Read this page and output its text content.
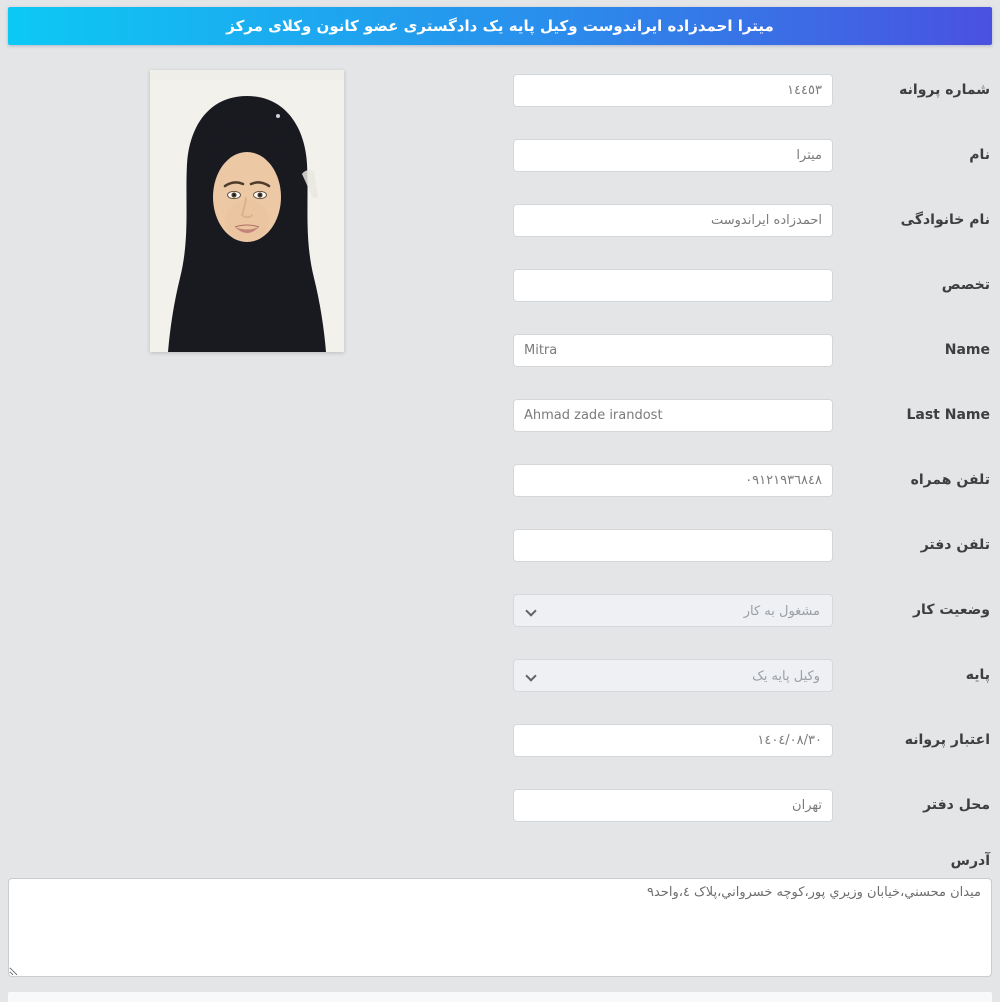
میترا احمدزاده ایراندوست وکیل پایه یک دادگستری عضو کانون وکلای مرکز
١٤٤٥٣
شماره پروانه
میترا
نام
احمدزاده ایراندوست
نام خانوادگی
تخصص
Mitra
Name
Ahmad zade irandost
Last Name
٠٩١٢١٩٣٦٨٤٨
تلفن همراه
تلفن دفتر
مشغول به کار	وضعیت کار
وکیل پایه یک	پایه
١٤٠٤/٠٨/٣٠
اعتبار پروانه
تهران
محل دفتر
آدرس
میدان محسني،خیابان وزیري پور،کوچه خسرواني،پلاک ٤،واحد٩
